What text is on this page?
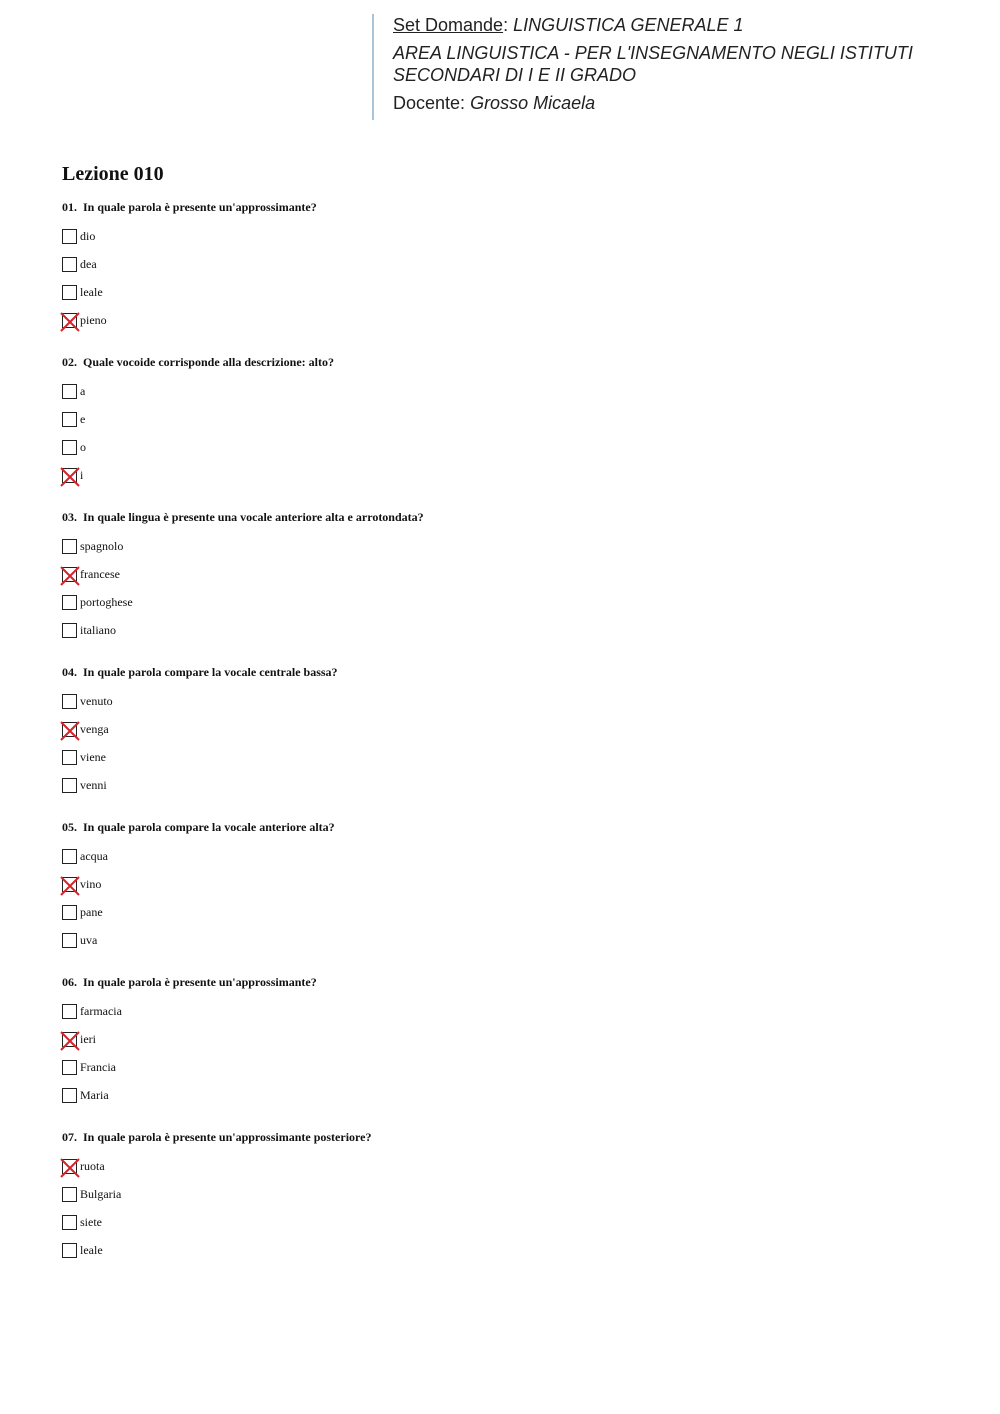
Set Domande: LINGUISTICA GENERALE 1

AREA LINGUISTICA - PER L'INSEGNAMENTO NEGLI ISTITUTI SECONDARI DI I E II GRADO

Docente: Grosso Micaela

Lezione 010
01. In quale parola è presente un'approssimante?
dio
dea
leale
pieno
02. Quale vocoide corrisponde alla descrizione: alto?
a
e
o
i
03. In quale lingua è presente una vocale anteriore alta e arrotondata?
spagnolo
francese
portoghese
italiano
04. In quale parola compare la vocale centrale bassa?
venuto
venga
viene
venni
05. In quale parola compare la vocale anteriore alta?
acqua
vino
pane
uva
06. In quale parola è presente un'approssimante?
farmacia
ieri
Francia
Maria
07. In quale parola è presente un'approssimante posteriore?
ruota
Bulgaria
siete
leale
